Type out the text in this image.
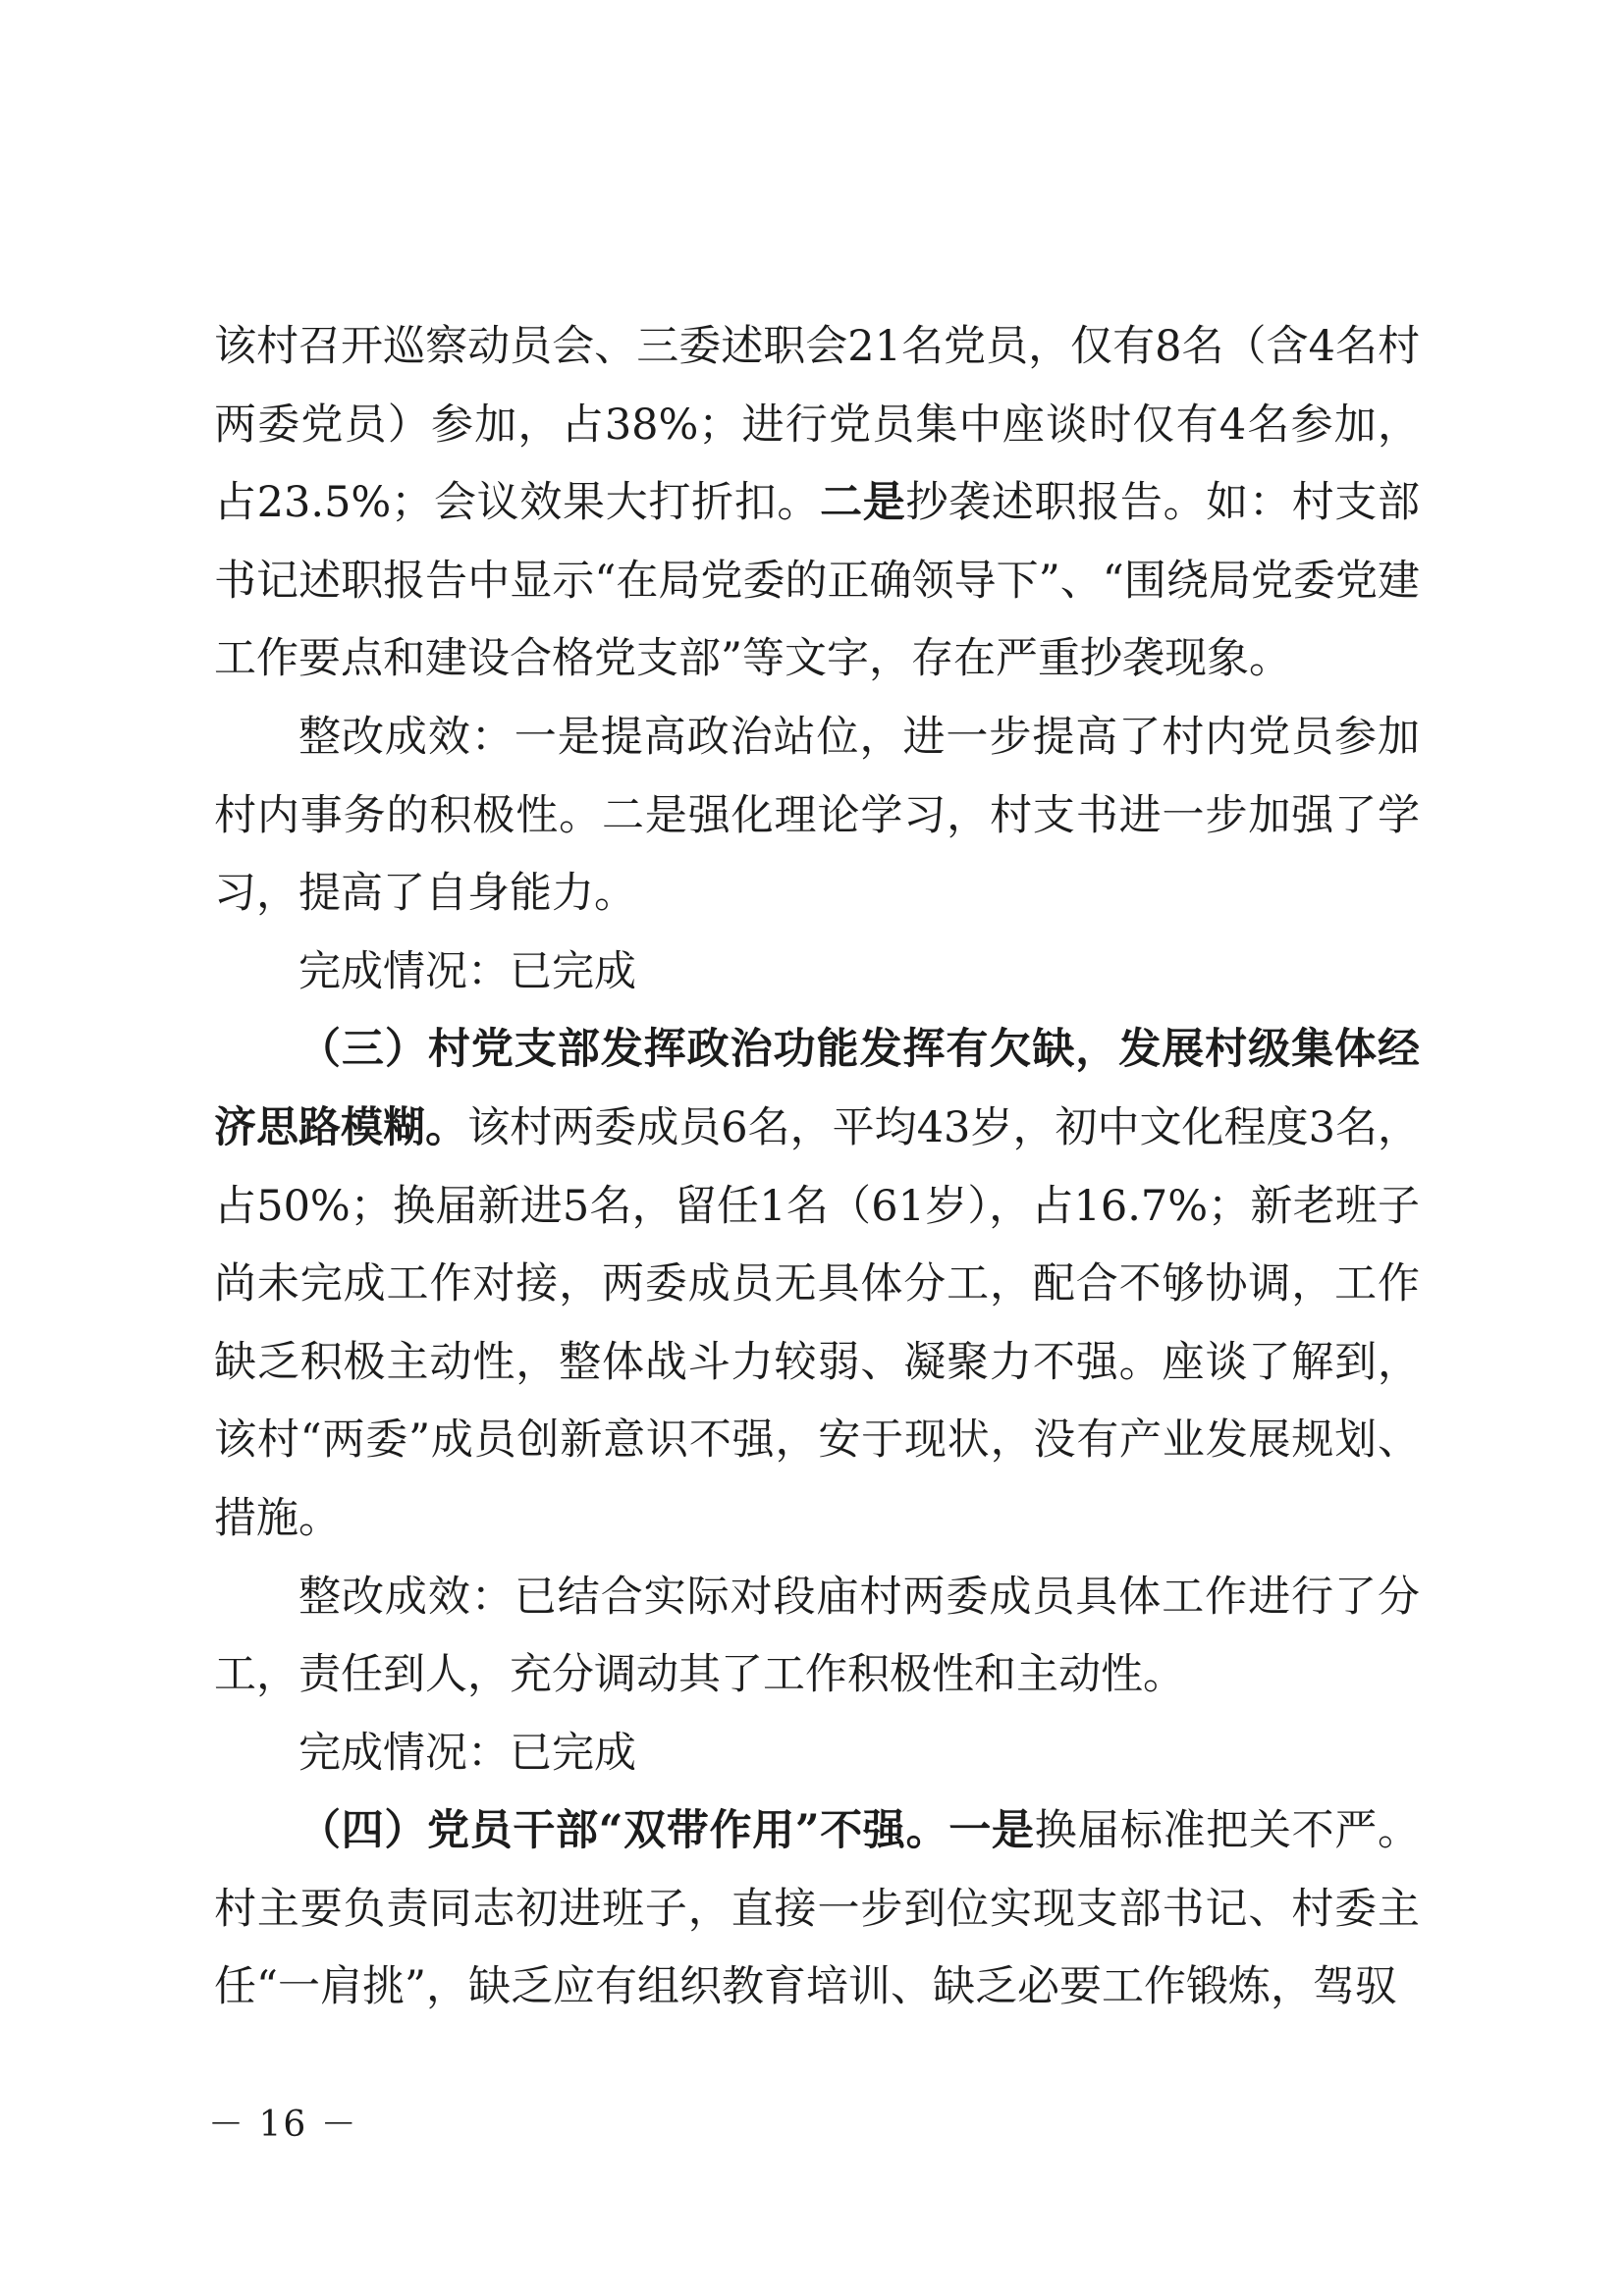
该村召开巡察动员会、三委述职会21名党员，仅有8名（含4名村两委党员）参加，占38%；进行党员集中座谈时仅有4名参加，占23.5%；会议效果大打折扣。二是抄袭述职报告。如：村支部书记述职报告中显示“在局党委的正确领导下”、“围绕局党委党建工作要点和建设合格党支部”等文字，存在严重抄袭现象。

整改成效：一是提高政治站位，进一步提高了村内党员参加村内事务的积极性。二是强化理论学习，村支书进一步加强了学习，提高了自身能力。

完成情况：已完成

（三）村党支部发挥政治功能发挥有欠缺，发展村级集体经济思路模糊。该村两委成员6名，平均43岁，初中文化程度3名，占50%；换届新进5名，留任1名（61岁），占16.7%；新老班子尚未完成工作对接，两委成员无具体分工，配合不够协调，工作缺乏积极主动性，整体战斗力较弱、凝聚力不强。座谈了解到，该村“两委”成员创新意识不强，安于现状，没有产业发展规划、措施。

整改成效：已结合实际对段庙村两委成员具体工作进行了分工，责任到人，充分调动其了工作积极性和主动性。

完成情况：已完成

（四）党员干部“双带作用”不强。一是换届标准把关不严。村主要负责同志初进班子，直接一步到位实现支部书记、村委主任“一肩挑”，缺乏应有组织教育培训、缺乏必要工作锻炼，驾驭

－ 16 －
